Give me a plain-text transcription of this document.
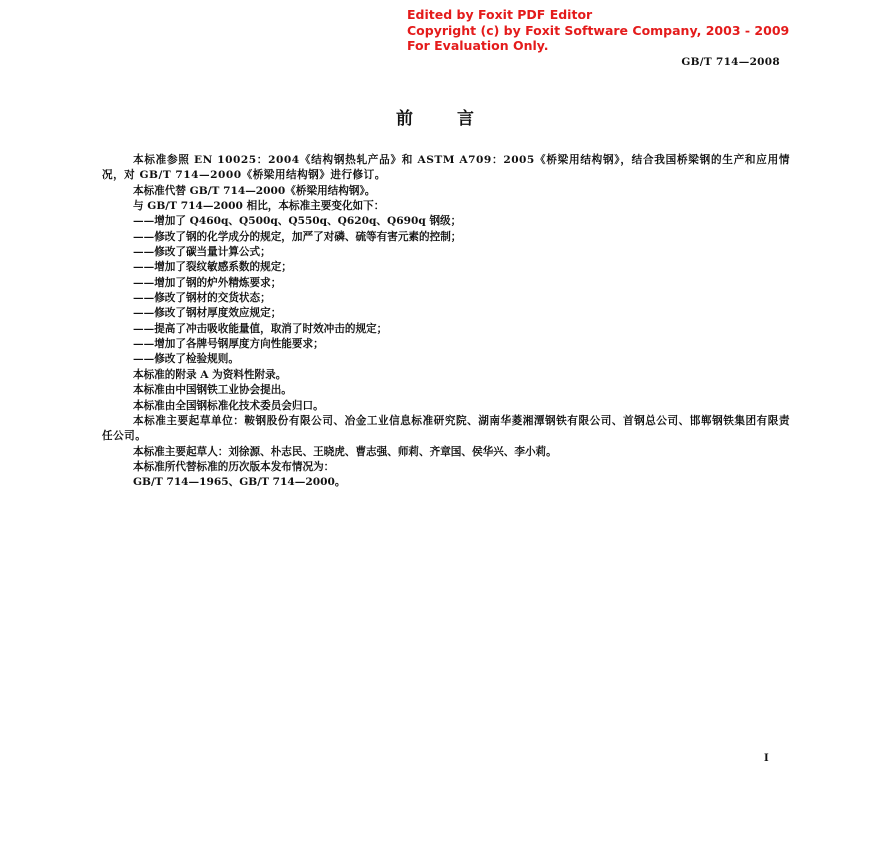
Edited by Foxit PDF Editor
Copyright (c) by Foxit Software Company, 2003 - 2009
For Evaluation Only.
GB/T 714—2008
前言

本标准参照 EN 10025：2004《结构钢热轧产品》和 ASTM A709：2005《桥梁用结构钢》，结合我国桥梁钢的生产和应用情况，对 GB/T 714—2000《桥梁用结构钢》进行修订。

本标准代替 GB/T 714—2000《桥梁用结构钢》。

与 GB/T 714—2000 相比，本标准主要变化如下：

——增加了 Q460q、Q500q、Q550q、Q620q、Q690q 钢级；

——修改了钢的化学成分的规定，加严了对磷、硫等有害元素的控制；

——修改了碳当量计算公式；

——增加了裂纹敏感系数的规定；

——增加了钢的炉外精炼要求；

——修改了钢材的交货状态；

——修改了钢材厚度效应规定；

——提高了冲击吸收能量值，取消了时效冲击的规定；

——增加了各牌号钢厚度方向性能要求；

——修改了检验规则。

本标准的附录 A 为资料性附录。

本标准由中国钢铁工业协会提出。

本标准由全国钢标准化技术委员会归口。

本标准主要起草单位：鞍钢股份有限公司、冶金工业信息标准研究院、湖南华菱湘潭钢铁有限公司、首钢总公司、邯郸钢铁集团有限责任公司。

本标准主要起草人：刘徐源、朴志民、王晓虎、曹志强、师莉、齐章国、侯华兴、李小莉。

本标准所代替标准的历次版本发布情况为：

GB/T 714—1965、GB/T 714—2000。

I
